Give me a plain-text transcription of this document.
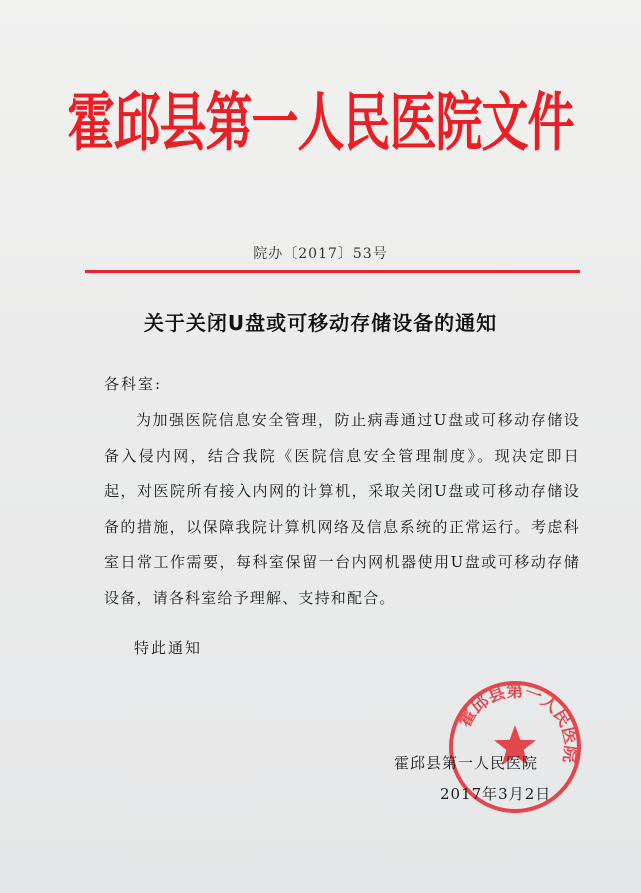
霍邱县第一人民医院文件
院办〔2017〕53号
关于关闭U盘或可移动存储设备的通知
各科室:

为加强医院信息安全管理，防止病毒通过U盘或可移动存储设备入侵内网，结合我院《医院信息安全管理制度》。现决定即日起，对医院所有接入内网的计算机，采取关闭U盘或可移动存储设备的措施，以保障我院计算机网络及信息系统的正常运行。考虑科室日常工作需要，每科室保留一台内网机器使用U盘或可移动存储设备，请各科室给予理解、支持和配合。

特此通知
霍邱县第一人民医院
霍邱县第一人民医院
2017年3月2日
